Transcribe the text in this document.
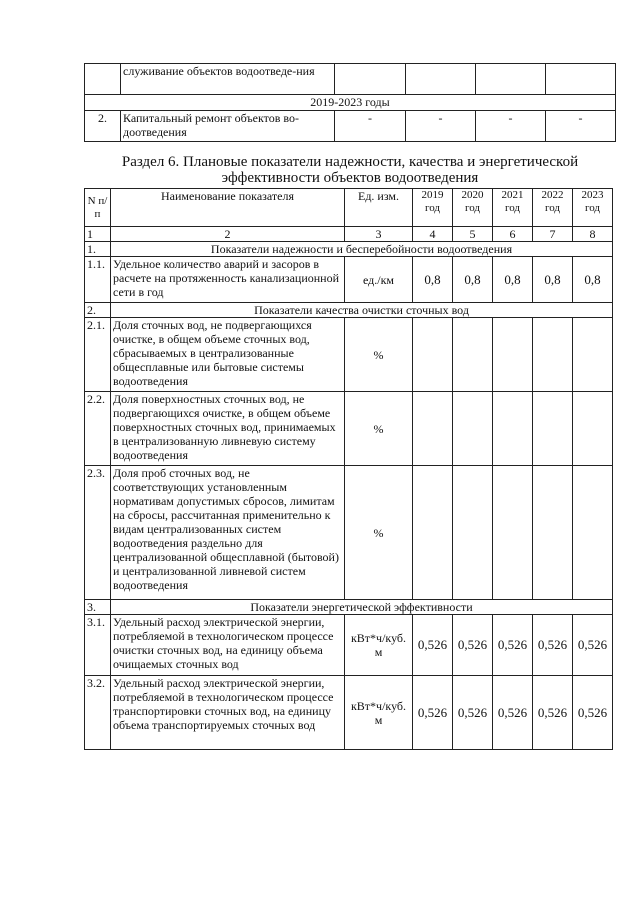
	служивание объектов водоотведе-ния				
2019-2023 годы					
2.	Капитальный ремонт объектов во-доотведения	-	-	-	-
Раздел 6. Плановые показатели надежности, качества и энергетической эффективности объектов водоотведения
N п/п	Наименование показателя	Ед. изм.	2019 год	2020 год	2021 год	2022 год	2023 год
1	2	3	4	5	6	7	8
1.	Показатели надежности и бесперебойности водоотведения						
1.1.	Удельное количество аварий и засоров в расчете на протяженность канализационной сети в год	ед./км	0,8	0,8	0,8	0,8	0,8
2.	Показатели качества очистки сточных вод						
2.1.	Доля сточных вод, не подвергающихся очистке, в общем объеме сточных вод, сбрасываемых в централизованные общесплавные или бытовые системы водоотведения	%					
2.2.	Доля поверхностных сточных вод, не подвергающихся очистке, в общем объеме поверхностных сточных вод, принимаемых в централизованную ливневую систему водоотведения	%					
2.3.	Доля проб сточных вод, не соответствующих установленным нормативам допустимых сбросов, лимитам на сбросы, рассчитанная применительно к видам централизованных систем водоотведения раздельно для централизованной общесплавной (бытовой) и централизованной ливневой систем водоотведения	%					
3.	Показатели энергетической эффективности						
3.1.	Удельный расход электрической энергии, потребляемой в технологическом процессе очистки сточных вод, на единицу объема очищаемых сточных вод	кВт*ч/куб. м	0,526	0,526	0,526	0,526	0,526
3.2.	Удельный расход электрической энергии, потребляемой в технологическом процессе транспортировки сточных вод, на единицу объема транспортируемых сточных вод	кВт*ч/куб. м	0,526	0,526	0,526	0,526	0,526
